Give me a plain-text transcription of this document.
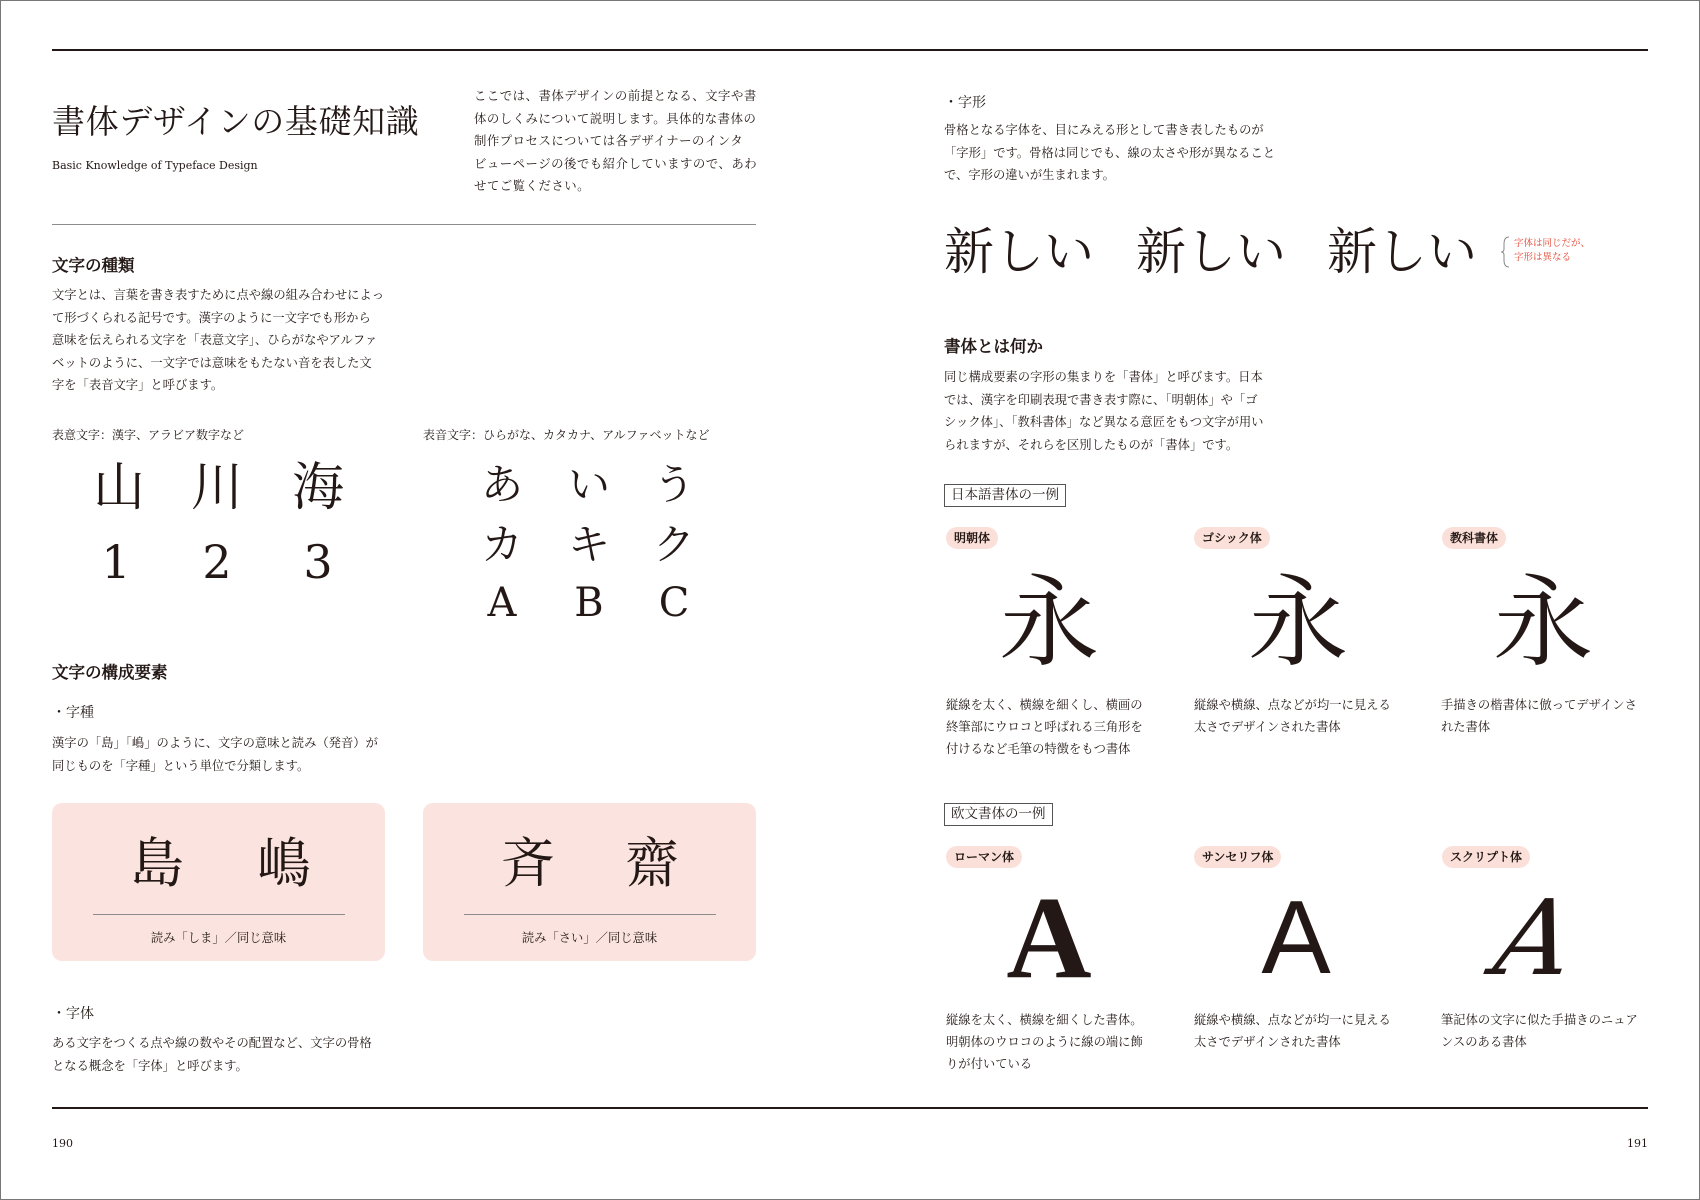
書体デザインの基礎知識
Basic Knowledge of Typeface Design
ここでは、書体デザインの前提となる、文字や書
体のしくみについて説明します。具体的な書体の
制作プロセスについては各デザイナーのインタ
ビューページの後でも紹介していますので、あわ
せてご覧ください。
文字の種類
文字とは、言葉を書き表すために点や線の組み合わせによっ
て形づくられる記号です。漢字のように一文字でも形から
意味を伝えられる文字を「表意文字」、ひらがなやアルファ
ベットのように、一文字では意味をもたない音を表した文
字を「表音文字」と呼びます。
表意文字：漢字、アラビア数字など	表音文字：ひらがな、カタカナ、アルファベットなど
山 川 海
1	2	3
あ	い	う
カ	キ	ク
A	B	C
文字の構成要素
・字種
漢字の「島」「嶋」のように、文字の意味と読み（発音）が
同じものを「字種」という単位で分類します。
島 嶋
読み「しま」／同じ意味
斉 齋
読み「さい」／同じ意味
・字体
ある文字をつくる点や線の数やその配置など、文字の骨格
となる概念を「字体」と呼びます。
190
・字形
骨格となる字体を、目にみえる形として書き表したものが
「字形」です。骨格は同じでも、線の太さや形が異なること
で、字形の違いが生まれます。
新しい 新しい 新しい	字体は同じだが、
字形は異なる
書体とは何か
同じ構成要素の字形の集まりを「書体」と呼びます。日本
では、漢字を印刷表現で書き表す際に、「明朝体」や「ゴ
シック体」、「教科書体」など異なる意匠をもつ文字が用い
られますが、それらを区別したものが「書体」です。
日本語書体の一例
明朝体	ゴシック体	教科書体
永 永 永
縦線を太く、横線を細くし、横画の
終筆部にウロコと呼ばれる三角形を
付けるなど毛筆の特徴をもつ書体
縦線や横線、点などが均一に見える
太さでデザインされた書体
手描きの楷書体に倣ってデザインさ
れた書体
欧文書体の一例
ローマン体	サンセリフ体	スクリプト体
A	A	A
縦線を太く、横線を細くした書体。
明朝体のウロコのように線の端に飾
りが付いている
縦線や横線、点などが均一に見える
太さでデザインされた書体
筆記体の文字に似た手描きのニュア
ンスのある書体
191
